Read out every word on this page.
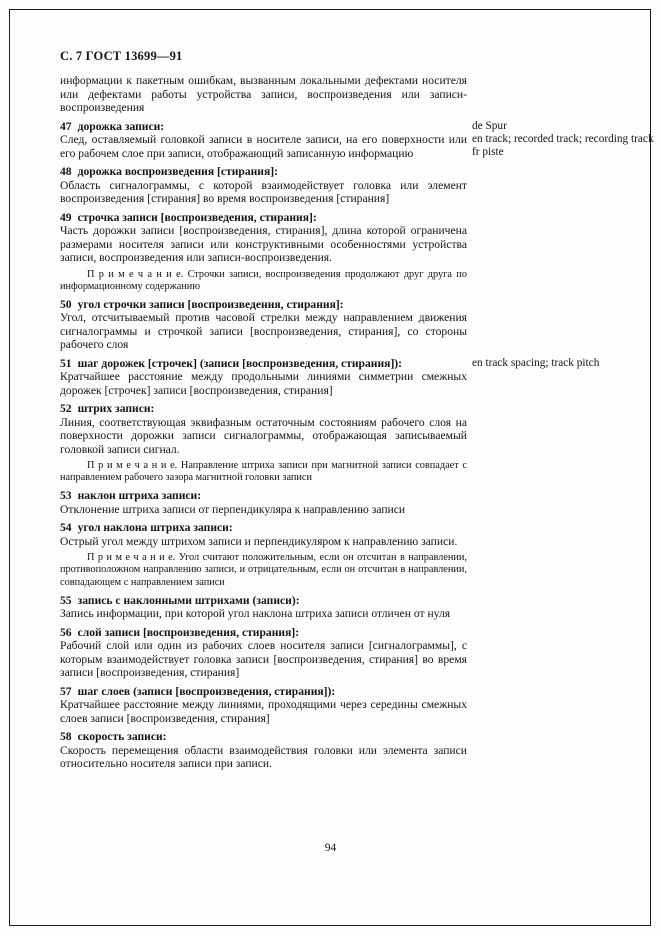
С. 7 ГОСТ 13699—91

информации к пакетным ошибкам, вызванным локальными дефектами носителя или дефектами работы устройства записи, воспроизведения или записи-воспроизведения

47 дорожка записи:

След, оставляемый головкой записи в носителе записи, на его поверхности или его рабочем слое при записи, отображающий записанную информацию

de Spur
en track; recorded track; recording track
fr piste

48 дорожка воспроизведения [стирания]:

Область сигналограммы, с которой взаимодействует головка или элемент воспроизведения [стирания] во время воспроизведения [стирания]

49 строчка записи [воспроизведения, стирания]:

Часть дорожки записи [воспроизведения, стирания], длина которой ограничена размерами носителя записи или конструктивными особенностями устройства записи, воспроизведения или записи-воспроизведения.

П р и м е ч а н и е. Строчки записи, воспроизведения продолжают друг друга по информационному содержанию

50 угол строчки записи [воспроизведения, стирания]:

Угол, отсчитываемый против часовой стрелки между направлением движения сигналограммы и строчкой записи [воспроизведения, стирания], со стороны рабочего слоя

51 шаг дорожек [строчек] (записи [воспроизведения, стирания]):

Кратчайшее расстояние между продольными линиями симметрии смежных дорожек [строчек] записи [воспроизведения, стирания]

en track spacing; track pitch

52 штрих записи:

Линия, соответствующая эквифазным остаточным состояниям рабочего слоя на поверхности дорожки записи сигналограммы, отображающая записываемый головкой записи сигнал.

П р и м е ч а н и е. Направление штриха записи при магнитной записи совпадает с направлением рабочего зазора магнитной головки записи

53 наклон штриха записи:

Отклонение штриха записи от перпендикуляра к направлению записи

54 угол наклона штриха записи:

Острый угол между штрихом записи и перпендикуляром к направлению записи.

П р и м е ч а н и е. Угол считают положительным, если он отсчитан в направлении, противоположном направлению записи, и отрицательным, если он отсчитан в направлении, совпадающем с направлением записи

55 запись с наклонными штрихами (записи):

Запись информации, при которой угол наклона штриха записи отличен от нуля

56 слой записи [воспроизведения, стирания]:

Рабочий слой или один из рабочих слоев носителя записи [сигналограммы], с которым взаимодействует головка записи [воспроизведения, стирания] во время записи [воспроизведения, стирания]

57 шаг слоев (записи [воспроизведения, стирания]):

Кратчайшее расстояние между линиями, проходящими через середины смежных слоев записи [воспроизведения, стирания]

58 скорость записи:

Скорость перемещения области взаимодействия головки или элемента записи относительно носителя записи при записи.

94
